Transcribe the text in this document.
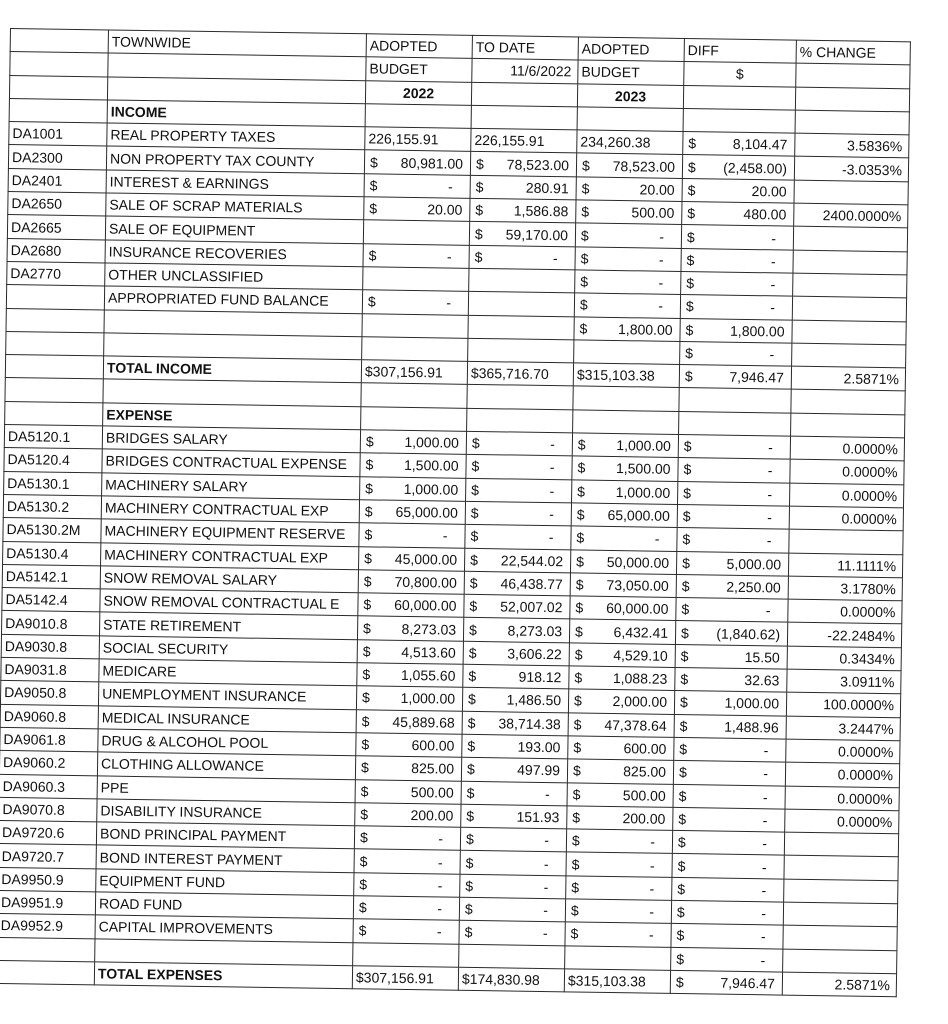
	TOWNWIDE	ADOPTED	TO DATE	ADOPTED	DIFF	% CHANGE
		BUDGET	11/6/2022	BUDGET	$	
		2022		2023		
	INCOME					
DA1001	REAL PROPERTY TAXES	226,155.91	226,155.91	234,260.38	$ 8,104.47	3.5836%
DA2300	NON PROPERTY TAX COUNTY	$ 80,981.00	$ 78,523.00	$ 78,523.00	$ (2,458.00)	-3.0353%
DA2401	INTEREST & EARNINGS	$ -	$ 280.91	$ 20.00	$ 20.00	

DA2650	SALE OF SCRAP MATERIALS	$ 20.00	$ 1,586.88	$ 500.00	$ 480.00	2400.0000%
DA2665	SALE OF EQUIPMENT		$ 59,170.00	$ -	$ -	

DA2680	INSURANCE RECOVERIES	$ -	$ -	$ -	$ -	

DA2770	OTHER UNCLASSIFIED			$ -	$ -	

	APPROPRIATED FUND BALANCE	$ -		$ -	$ -	

				$ 1,800.00	$ 1,800.00	

					$ -	

	TOTAL INCOME	$307,156.91	$365,716.70	$315,103.38	$ 7,946.47	2.5871%

	EXPENSE					
DA5120.1	BRIDGES SALARY	$ 1,000.00	$ -	$ 1,000.00	$ -	0.0000%
DA5120.4	BRIDGES CONTRACTUAL EXPENSE	$ 1,500.00	$ -	$ 1,500.00	$ -	0.0000%
DA5130.1	MACHINERY SALARY	$ 1,000.00	$ -	$ 1,000.00	$ -	0.0000%
DA5130.2	MACHINERY CONTRACTUAL EXP	$ 65,000.00	$ -	$ 65,000.00	$ -	0.0000%
DA5130.2M	MACHINERY EQUIPMENT RESERVE	$ -	$ -	$ -	$ -	

DA5130.4	MACHINERY CONTRACTUAL EXP	$ 45,000.00	$ 22,544.02	$ 50,000.00	$ 5,000.00	11.1111%
DA5142.1	SNOW REMOVAL SALARY	$ 70,800.00	$ 46,438.77	$ 73,050.00	$ 2,250.00	3.1780%
DA5142.4	SNOW REMOVAL CONTRACTUAL E	$ 60,000.00	$ 52,007.02	$ 60,000.00	$ -	0.0000%
DA9010.8	STATE RETIREMENT	$ 8,273.03	$ 8,273.03	$ 6,432.41	$ (1,840.62)	-22.2484%
DA9030.8	SOCIAL SECURITY	$ 4,513.60	$ 3,606.22	$ 4,529.10	$ 15.50	0.3434%
DA9031.8	MEDICARE	$ 1,055.60	$ 918.12	$ 1,088.23	$ 32.63	3.0911%
DA9050.8	UNEMPLOYMENT INSURANCE	$ 1,000.00	$ 1,486.50	$ 2,000.00	$ 1,000.00	100.0000%
DA9060.8	MEDICAL INSURANCE	$ 45,889.68	$ 38,714.38	$ 47,378.64	$ 1,488.96	3.2447%
DA9061.8	DRUG & ALCOHOL POOL	$ 600.00	$ 193.00	$ 600.00	$ -	0.0000%
DA9060.2	CLOTHING ALLOWANCE	$ 825.00	$ 497.99	$ 825.00	$ -	0.0000%
DA9060.3	PPE	$ 500.00	$ -	$ 500.00	$ -	0.0000%
DA9070.8	DISABILITY INSURANCE	$ 200.00	$ 151.93	$ 200.00	$ -	0.0000%
DA9720.6	BOND PRINCIPAL PAYMENT	$ -	$ -	$ -	$ -	

DA9720.7	BOND INTEREST PAYMENT	$ -	$ -	$ -	$ -	

DA9950.9	EQUIPMENT FUND	$ -	$ -	$ -	$ -	

DA9951.9	ROAD FUND	$ -	$ -	$ -	$ -	

DA9952.9	CAPITAL IMPROVEMENTS	$ -	$ -	$ -	$ -	

					$ -	

	TOTAL EXPENSES	$307,156.91	$174,830.98	$315,103.38	$ 7,946.47	2.5871%
